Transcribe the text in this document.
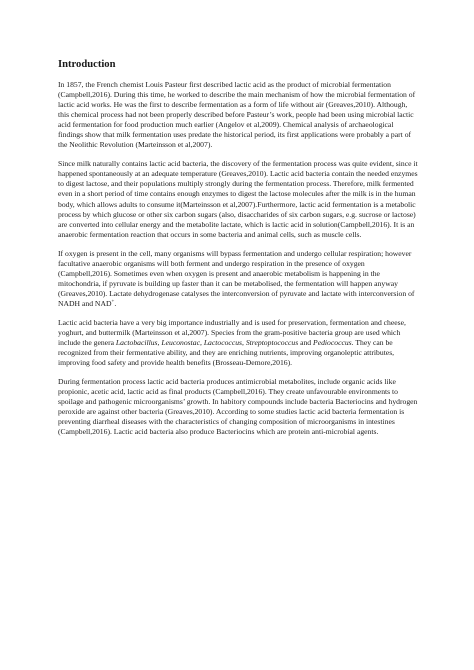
Introduction
In 1857, the French chemist Louis Pasteur first described lactic acid as the product of microbial fermentation (Campbell,2016). During this time, he worked to describe the main mechanism of how the microbial fermentation of lactic acid works. He was the first to describe fermentation as a form of life without air (Greaves,2010). Although, this chemical process had not been properly described before Pasteur’s work, people had been using microbial lactic acid fermentation for food production much earlier (Angelov et al,2009). Chemical analysis of archaeological findings show that milk fermentation uses predate the historical period, its first applications were probably a part of the Neolithic Revolution (Marteinsson et al,2007).
Since milk naturally contains lactic acid bacteria, the discovery of the fermentation process was quite evident, since it happened spontaneously at an adequate temperature (Greaves,2010). Lactic acid bacteria contain the needed enzymes to digest lactose, and their populations multiply strongly during the fermentation process. Therefore, milk fermented even in a short period of time contains enough enzymes to digest the lactose molecules after the milk is in the human body, which allows adults to consume it(Marteinsson et al,2007).Furthermore, lactic acid fermentation is a metabolic process by which glucose or other six carbon sugars (also, disaccharides of six carbon sugars, e.g. sucrose or lactose) are converted into cellular energy and the metabolite lactate, which is lactic acid in solution(Campbell,2016). It is an anaerobic fermentation reaction that occurs in some bacteria and animal cells, such as muscle cells.
If oxygen is present in the cell, many organisms will bypass fermentation and undergo cellular respiration; however facultative anaerobic organisms will both ferment and undergo respiration in the presence of oxygen (Campbell,2016). Sometimes even when oxygen is present and anaerobic metabolism is happening in the mitochondria, if pyruvate is building up faster than it can be metabolised, the fermentation will happen anyway (Greaves,2010). Lactate dehydrogenase catalyses the interconversion of pyruvate and lactate with interconversion of NADH and NAD+.
Lactic acid bacteria have a very big importance industrially and is used for preservation, fermentation and cheese, yoghurt, and buttermilk (Marteinsson et al,2007). Species from the gram-positive bacteria group are used which include the genera Lactobacillus, Leuconostac, Lactococcus, Streptoptococcus and Pediococcus. They can be recognized from their fermentative ability, and they are enriching nutrients, improving organoleptic attributes, improving food safety and provide health benefits (Brosseau-Demore,2016).
During fermentation process lactic acid bacteria produces antimicrobial metabolites, include organic acids like propionic, acetic acid, lactic acid as final products (Campbell,2016). They create unfavourable environments to spoilage and pathogenic microorganisms’ growth. In habitory compounds include bacteria Bacteriocins and hydrogen peroxide are against other bacteria (Greaves,2010). According to some studies lactic acid bacteria fermentation is preventing diarrheal diseases with the characteristics of changing composition of microorganisms in intestines (Campbell,2016). Lactic acid bacteria also produce Bacteriocins which are protein anti-microbial agents.
